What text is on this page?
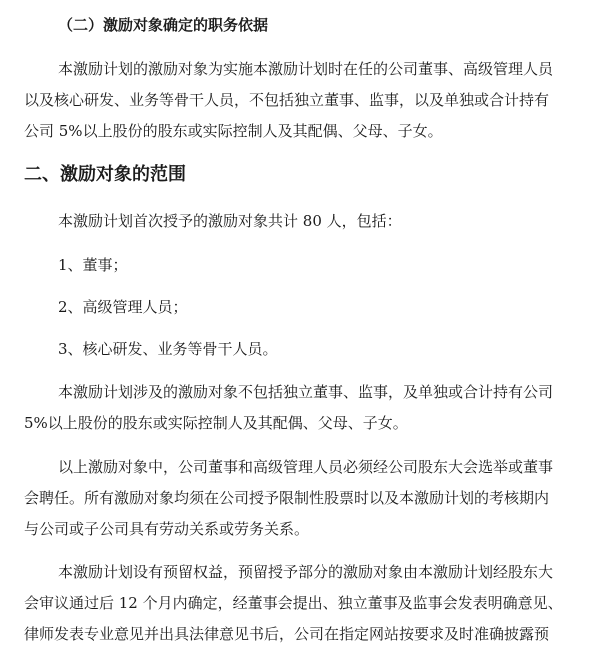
（二）激励对象确定的职务依据
本激励计划的激励对象为实施本激励计划时在任的公司董事、高级管理人员
以及核心研发、业务等骨干人员，不包括独立董事、监事，以及单独或合计持有
公司 5%以上股份的股东或实际控制人及其配偶、父母、子女。
二、激励对象的范围
本激励计划首次授予的激励对象共计 80 人，包括：
1、董事；
2、高级管理人员；
3、核心研发、业务等骨干人员。
本激励计划涉及的激励对象不包括独立董事、监事，及单独或合计持有公司
5%以上股份的股东或实际控制人及其配偶、父母、子女。
以上激励对象中，公司董事和高级管理人员必须经公司股东大会选举或董事
会聘任。所有激励对象均须在公司授予限制性股票时以及本激励计划的考核期内
与公司或子公司具有劳动关系或劳务关系。
本激励计划设有预留权益，预留授予部分的激励对象由本激励计划经股东大
会审议通过后 12 个月内确定，经董事会提出、独立董事及监事会发表明确意见、
律师发表专业意见并出具法律意见书后，公司在指定网站按要求及时准确披露预
